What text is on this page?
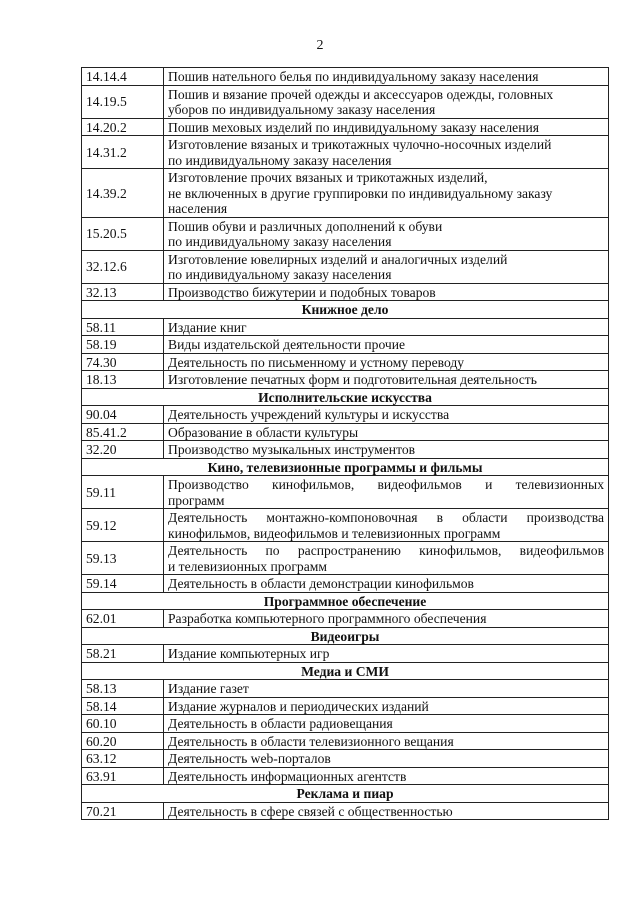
2
14.14.4	Пошив нательного белья по индивидуальному заказу населения

14.19.5	Пошив и вязание прочей одежды и аксессуаров одежды, головных
уборов по индивидуальному заказу населения

14.20.2	Пошив меховых изделий по индивидуальному заказу населения

14.31.2	Изготовление вязаных и трикотажных чулочно-носочных изделий
по индивидуальному заказу населения

14.39.2	Изготовление прочих вязаных и трикотажных изделий,
не включенных в другие группировки по индивидуальному заказу
населения

15.20.5	Пошив обуви и различных дополнений к обуви
по индивидуальному заказу населения

32.12.6	Изготовление ювелирных изделий и аналогичных изделий
по индивидуальному заказу населения

32.13	Производство бижутерии и подобных товаров

Книжное дело	
58.11	Издание книг

58.19	Виды издательской деятельности прочие

74.30	Деятельность по письменному и устному переводу

18.13	Изготовление печатных форм и подготовительная деятельность

Исполнительские искусства	
90.04	Деятельность учреждений культуры и искусства

85.41.2	Образование в области культуры

32.20	Производство музыкальных инструментов

Кино, телевизионные программы и фильмы	
59.11	Производство кинофильмов, видеофильмов и телевизионных
программ

59.12	Деятельность монтажно-компоновочная в области производства
кинофильмов, видеофильмов и телевизионных программ

59.13	Деятельность по распространению кинофильмов, видеофильмов
и телевизионных программ

59.14	Деятельность в области демонстрации кинофильмов

Программное обеспечение	
62.01	Разработка компьютерного программного обеспечения

Видеоигры	
58.21	Издание компьютерных игр

Медиа и СМИ	
58.13	Издание газет

58.14	Издание журналов и периодических изданий

60.10	Деятельность в области радиовещания

60.20	Деятельность в области телевизионного вещания

63.12	Деятельность web-порталов

63.91	Деятельность информационных агентств

Реклама и пиар	
70.21	Деятельность в сфере связей с общественностью
